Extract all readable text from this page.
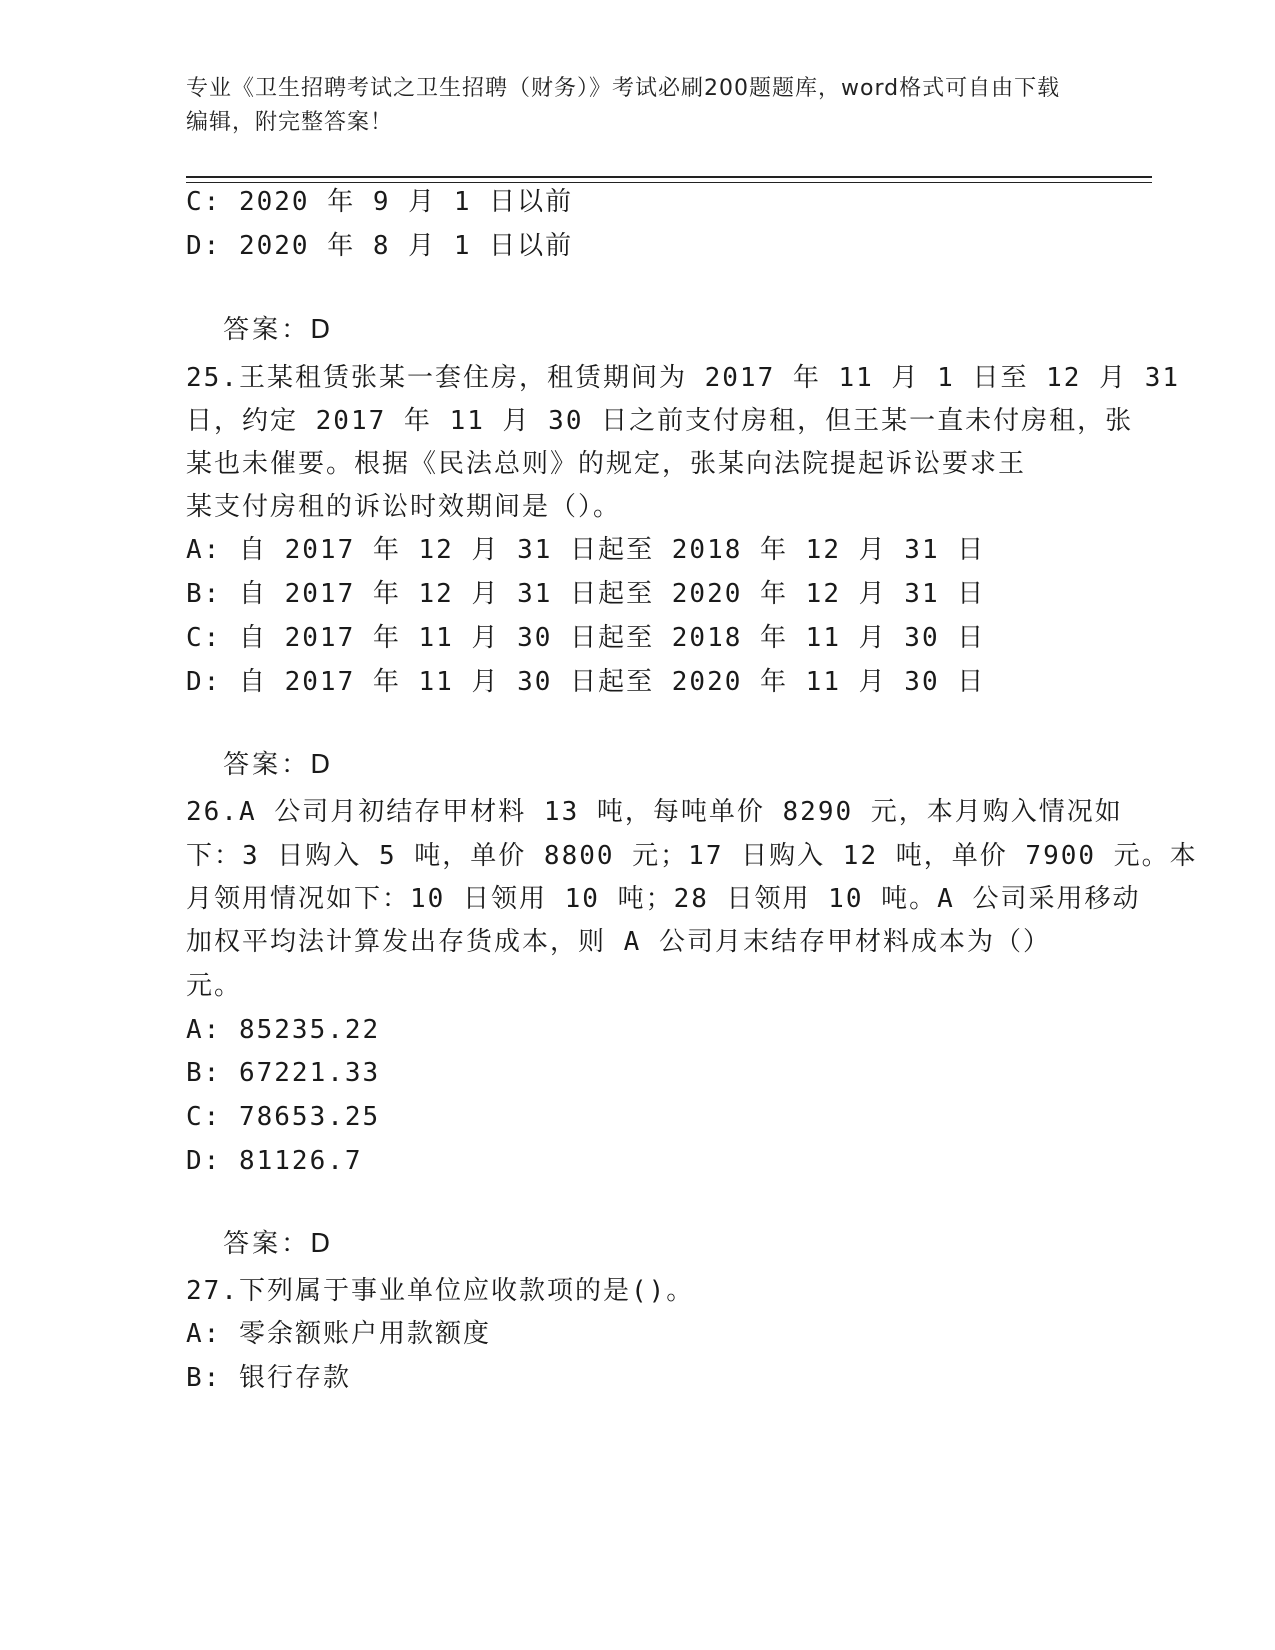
专业《卫生招聘考试之卫生招聘（财务）》考试必刷200题题库，word格式可自由下载编辑，附完整答案！
C: 2020 年 9 月 1 日以前
D: 2020 年 8 月 1 日以前

答案：D

25.王某租赁张某一套住房，租赁期间为 2017 年 11 月 1 日至 12 月 31
日，约定 2017 年 11 月 30 日之前支付房租，但王某一直未付房租，张
某也未催要。根据《民法总则》的规定，张某向法院提起诉讼要求王
某支付房租的诉讼时效期间是（）。
A: 自 2017 年 12 月 31 日起至 2018 年 12 月 31 日
B: 自 2017 年 12 月 31 日起至 2020 年 12 月 31 日
C: 自 2017 年 11 月 30 日起至 2018 年 11 月 30 日
D: 自 2017 年 11 月 30 日起至 2020 年 11 月 30 日

答案：D

26.A 公司月初结存甲材料 13 吨，每吨单价 8290 元，本月购入情况如
下：3 日购入 5 吨，单价 8800 元；17 日购入 12 吨，单价 7900 元。本
月领用情况如下：10 日领用 10 吨；28 日领用 10 吨。A 公司采用移动
加权平均法计算发出存货成本，则 A 公司月末结存甲材料成本为（）
元。
A: 85235.22
B: 67221.33
C: 78653.25
D: 81126.7

答案：D

27.下列属于事业单位应收款项的是()。
A: 零余额账户用款额度
B: 银行存款
